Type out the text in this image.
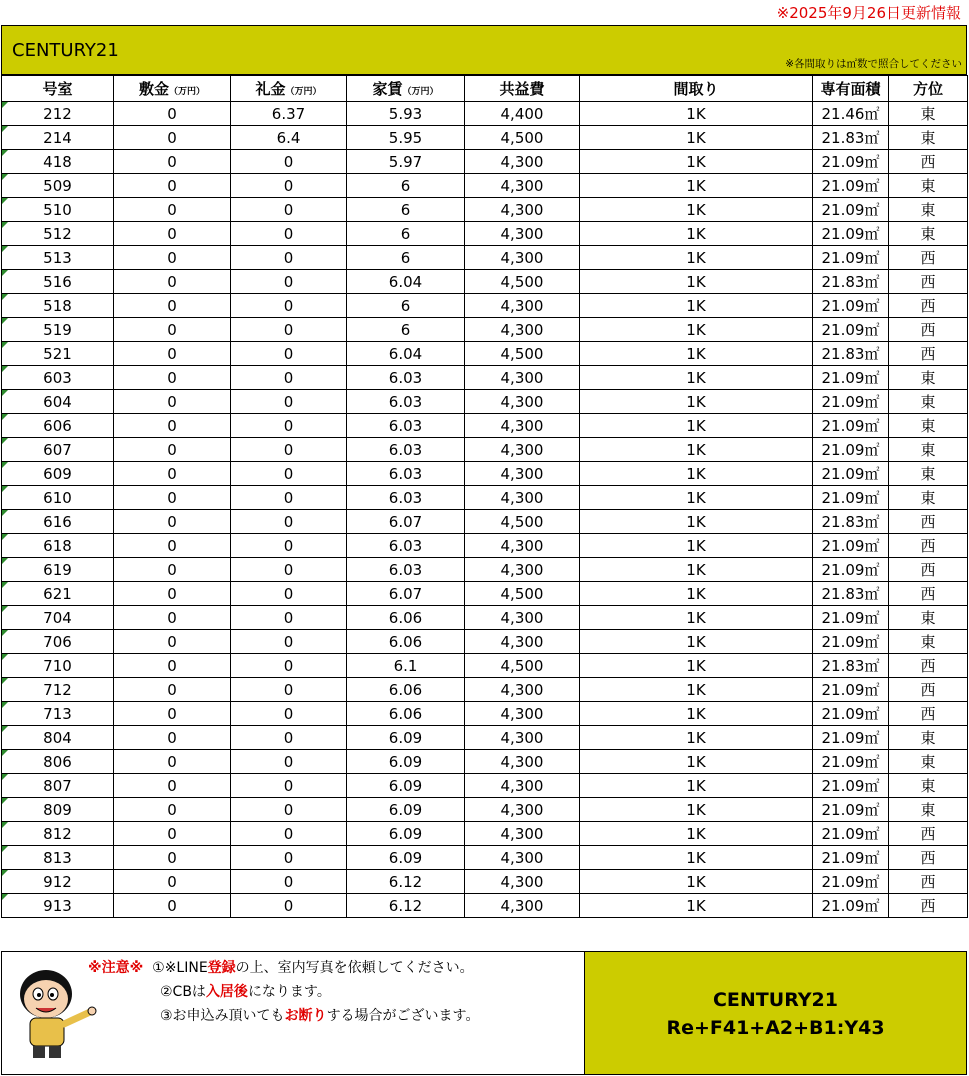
※2025年9月26日更新情報
CENTURY21
※各間取りは㎡数で照合してください
号室	敷金（万円）	礼金（万円）	家賃（万円）	共益費	間取り	専有面積	方位
212	0	6.37	5.93	4,400	1K	21.46㎡	東
214	0	6.4	5.95	4,500	1K	21.83㎡	東
418	0	0	5.97	4,300	1K	21.09㎡	西
509	0	0	6	4,300	1K	21.09㎡	東
510	0	0	6	4,300	1K	21.09㎡	東
512	0	0	6	4,300	1K	21.09㎡	東
513	0	0	6	4,300	1K	21.09㎡	西
516	0	0	6.04	4,500	1K	21.83㎡	西
518	0	0	6	4,300	1K	21.09㎡	西
519	0	0	6	4,300	1K	21.09㎡	西
521	0	0	6.04	4,500	1K	21.83㎡	西
603	0	0	6.03	4,300	1K	21.09㎡	東
604	0	0	6.03	4,300	1K	21.09㎡	東
606	0	0	6.03	4,300	1K	21.09㎡	東
607	0	0	6.03	4,300	1K	21.09㎡	東
609	0	0	6.03	4,300	1K	21.09㎡	東
610	0	0	6.03	4,300	1K	21.09㎡	東
616	0	0	6.07	4,500	1K	21.83㎡	西
618	0	0	6.03	4,300	1K	21.09㎡	西
619	0	0	6.03	4,300	1K	21.09㎡	西
621	0	0	6.07	4,500	1K	21.83㎡	西
704	0	0	6.06	4,300	1K	21.09㎡	東
706	0	0	6.06	4,300	1K	21.09㎡	東
710	0	0	6.1	4,500	1K	21.83㎡	西
712	0	0	6.06	4,300	1K	21.09㎡	西
713	0	0	6.06	4,300	1K	21.09㎡	西
804	0	0	6.09	4,300	1K	21.09㎡	東
806	0	0	6.09	4,300	1K	21.09㎡	東
807	0	0	6.09	4,300	1K	21.09㎡	東
809	0	0	6.09	4,300	1K	21.09㎡	東
812	0	0	6.09	4,300	1K	21.09㎡	西
813	0	0	6.09	4,300	1K	21.09㎡	西
912	0	0	6.12	4,300	1K	21.09㎡	西
913	0	0	6.12	4,300	1K	21.09㎡	西
※注意※ ①※LINE登録の上、室内写真を依頼してください。
②CBは入居後になります。
③お申込み頂いてもお断りする場合がございます。
CENTURY21
Re+F41+A2+B1:Y43
